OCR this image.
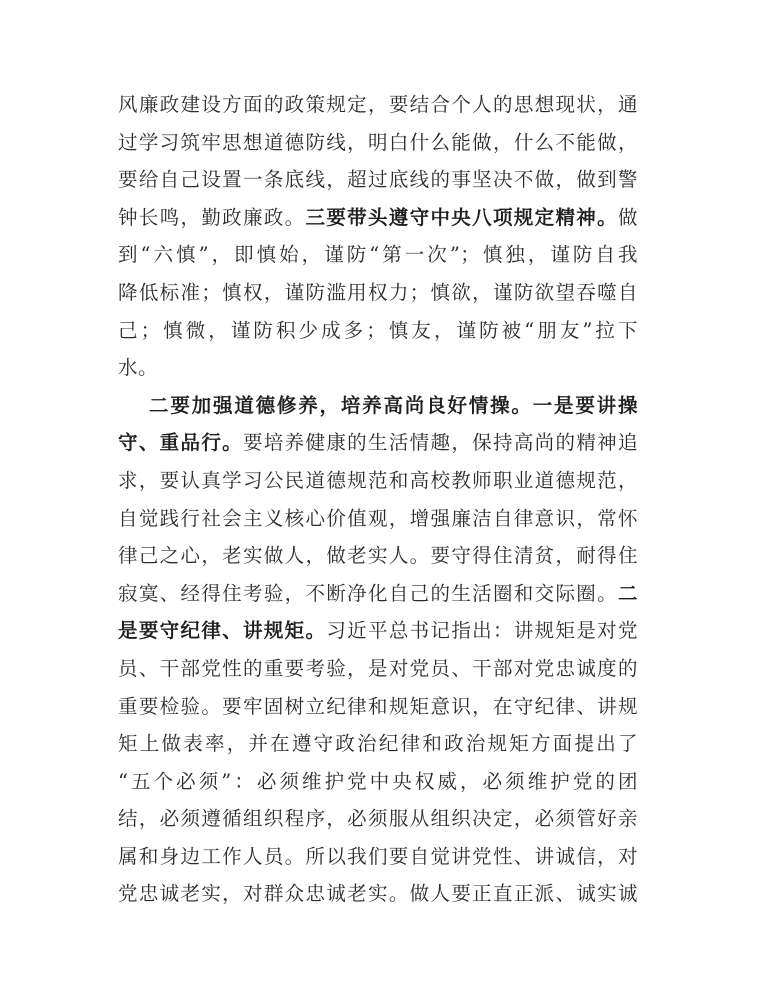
风廉政建设方面的政策规定，要结合个人的思想现状，通
过学习筑牢思想道德防线，明白什么能做，什么不能做，
要给自己设置一条底线，超过底线的事坚决不做，做到警
钟长鸣，勤政廉政。三要带头遵守中央八项规定精神。做
到“六慎”，即慎始，谨防“第一次”；慎独，谨防自我
降低标准；慎权，谨防滥用权力；慎欲，谨防欲望吞噬自
己；慎微，谨防积少成多；慎友，谨防被“朋友”拉下
水。
二要加强道德修养，培养高尚良好情操。一是要讲操
守、重品行。要培养健康的生活情趣，保持高尚的精神追
求，要认真学习公民道德规范和高校教师职业道德规范，
自觉践行社会主义核心价值观，增强廉洁自律意识，常怀
律己之心，老实做人，做老实人。要守得住清贫，耐得住
寂寞、经得住考验，不断净化自己的生活圈和交际圈。二
是要守纪律、讲规矩。习近平总书记指出：讲规矩是对党
员、干部党性的重要考验，是对党员、干部对党忠诚度的
重要检验。要牢固树立纪律和规矩意识，在守纪律、讲规
矩上做表率，并在遵守政治纪律和政治规矩方面提出了
“五个必须”：必须维护党中央权威，必须维护党的团
结，必须遵循组织程序，必须服从组织决定，必须管好亲
属和身边工作人员。所以我们要自觉讲党性、讲诚信，对
党忠诚老实，对群众忠诚老实。做人要正直正派、诚实诚
